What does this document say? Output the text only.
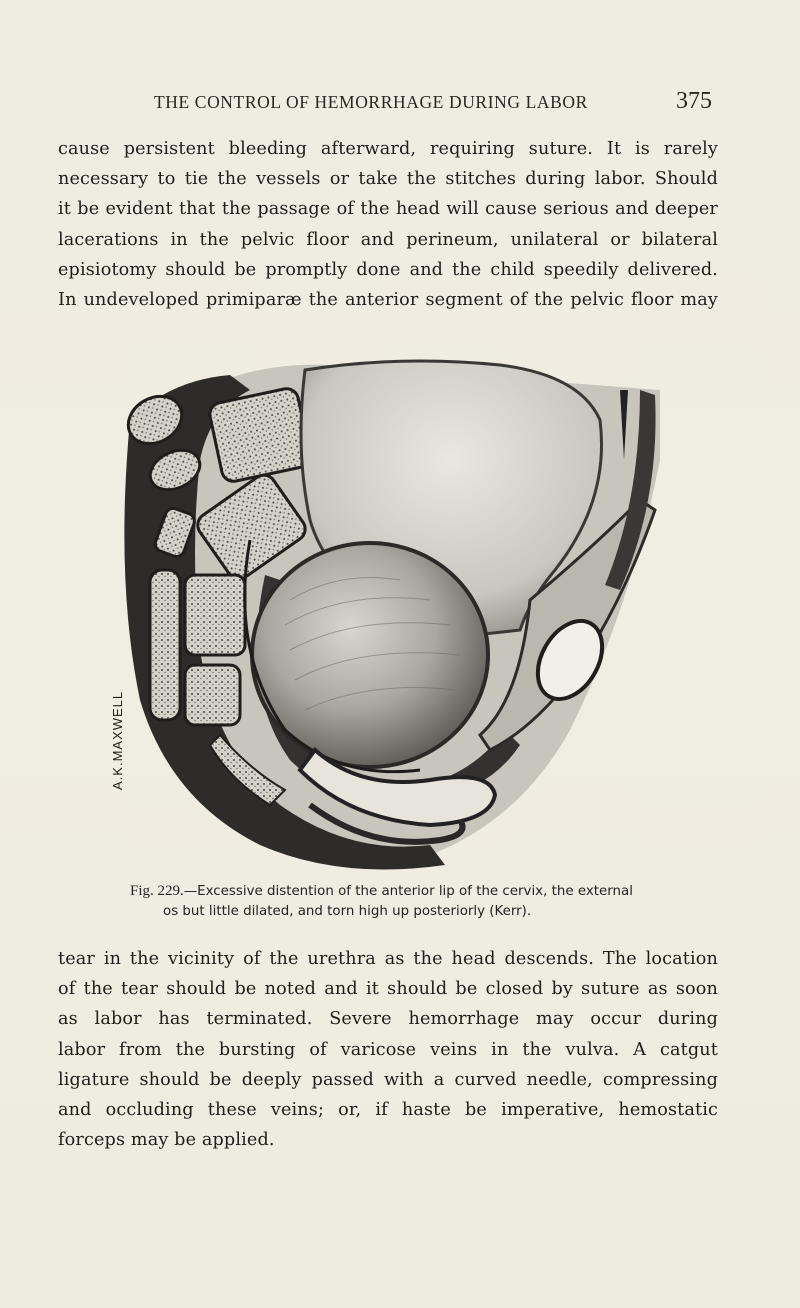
THE CONTROL OF HEMORRHAGE DURING LABOR	375

cause persistent bleeding afterward, requiring suture. It is rarely

necessary to tie the vessels or take the stitches during labor. Should

it be evident that the passage of the head will cause serious and deeper

lacerations in the pelvic floor and perineum, unilateral or bilateral

episiotomy should be promptly done and the child speedily delivered.

In undeveloped primiparæ the anterior segment of the pelvic floor may

A.K.MAXWELL
Fig. 229.—Excessive distention of the anterior lip of the cervix, the external
os but little dilated, and torn high up posteriorly (Kerr).

tear in the vicinity of the urethra as the head descends. The location

of the tear should be noted and it should be closed by suture as soon

as labor has terminated. Severe hemorrhage may occur during

labor from the bursting of varicose veins in the vulva. A catgut

ligature should be deeply passed with a curved needle, compressing

and occluding these veins; or, if haste be imperative, hemostatic

forceps may be applied.
